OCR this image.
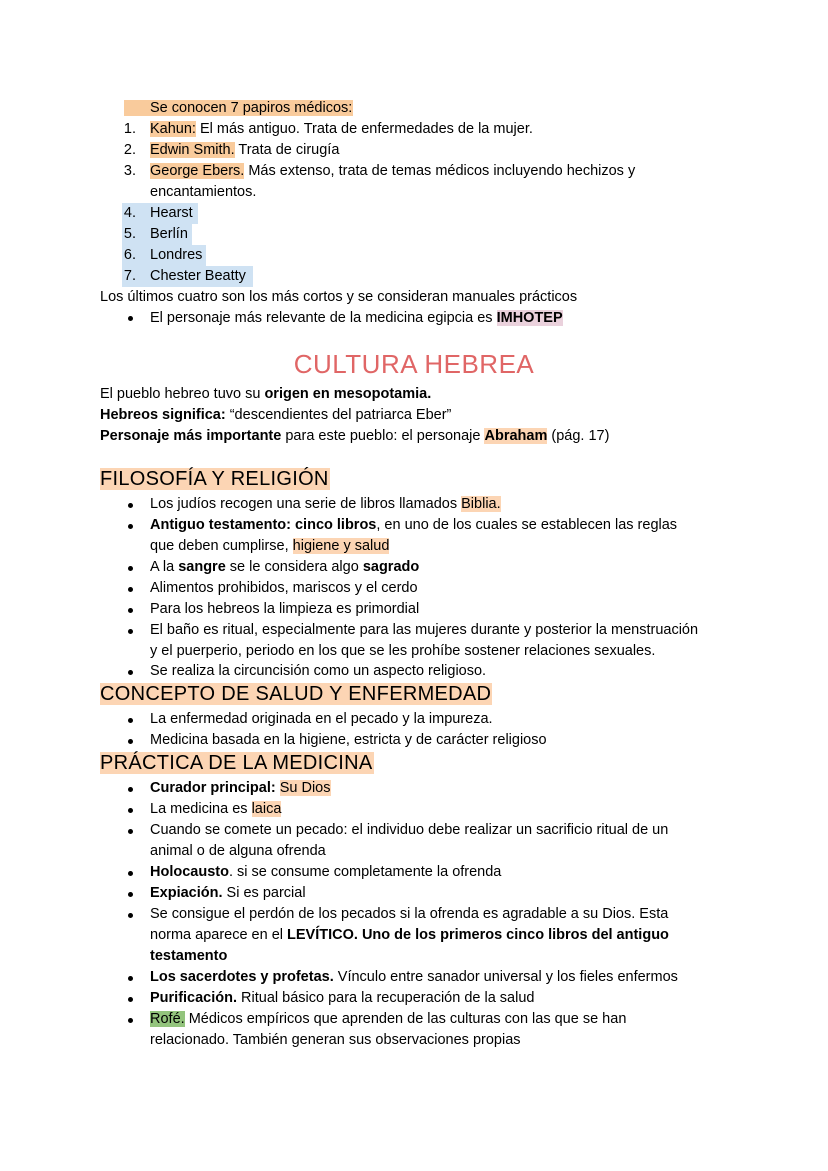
Se conocen 7 papiros médicos:
1. Kahun: El más antiguo. Trata de enfermedades de la mujer.
2. Edwin Smith. Trata de cirugía
3. George Ebers. Más extenso, trata de temas médicos incluyendo hechizos y
encantamientos.
4. Hearst
5. Berlín
6. Londres
7. Chester Beatty
Los últimos cuatro son los más cortos y se consideran manuales prácticos
El personaje más relevante de la medicina egipcia es IMHOTEP
CULTURA HEBREA
El pueblo hebreo tuvo su origen en mesopotamia.
Hebreos significa: “descendientes del patriarca Eber”
Personaje más importante para este pueblo: el personaje Abraham (pág. 17)
FILOSOFÍA Y RELIGIÓN
Los judíos recogen una serie de libros llamados Biblia.
Antiguo testamento: cinco libros, en uno de los cuales se establecen las reglas
que deben cumplirse, higiene y salud
A la sangre se le considera algo sagrado
Alimentos prohibidos, mariscos y el cerdo
Para los hebreos la limpieza es primordial
El baño es ritual, especialmente para las mujeres durante y posterior la menstruación
y el puerperio, periodo en los que se les prohíbe sostener relaciones sexuales.
Se realiza la circuncisión como un aspecto religioso.
CONCEPTO DE SALUD Y ENFERMEDAD
La enfermedad originada en el pecado y la impureza.
Medicina basada en la higiene, estricta y de carácter religioso
PRÁCTICA DE LA MEDICINA
Curador principal: Su Dios
La medicina es laica
Cuando se comete un pecado: el individuo debe realizar un sacrificio ritual de un
animal o de alguna ofrenda
Holocausto. si se consume completamente la ofrenda
Expiación. Si es parcial
Se consigue el perdón de los pecados si la ofrenda es agradable a su Dios. Esta
norma aparece en el LEVÍTICO. Uno de los primeros cinco libros del antiguo
testamento
Los sacerdotes y profetas. Vínculo entre sanador universal y los fieles enfermos
Purificación. Ritual básico para la recuperación de la salud
Rofé. Médicos empíricos que aprenden de las culturas con las que se han
relacionado. También generan sus observaciones propias
